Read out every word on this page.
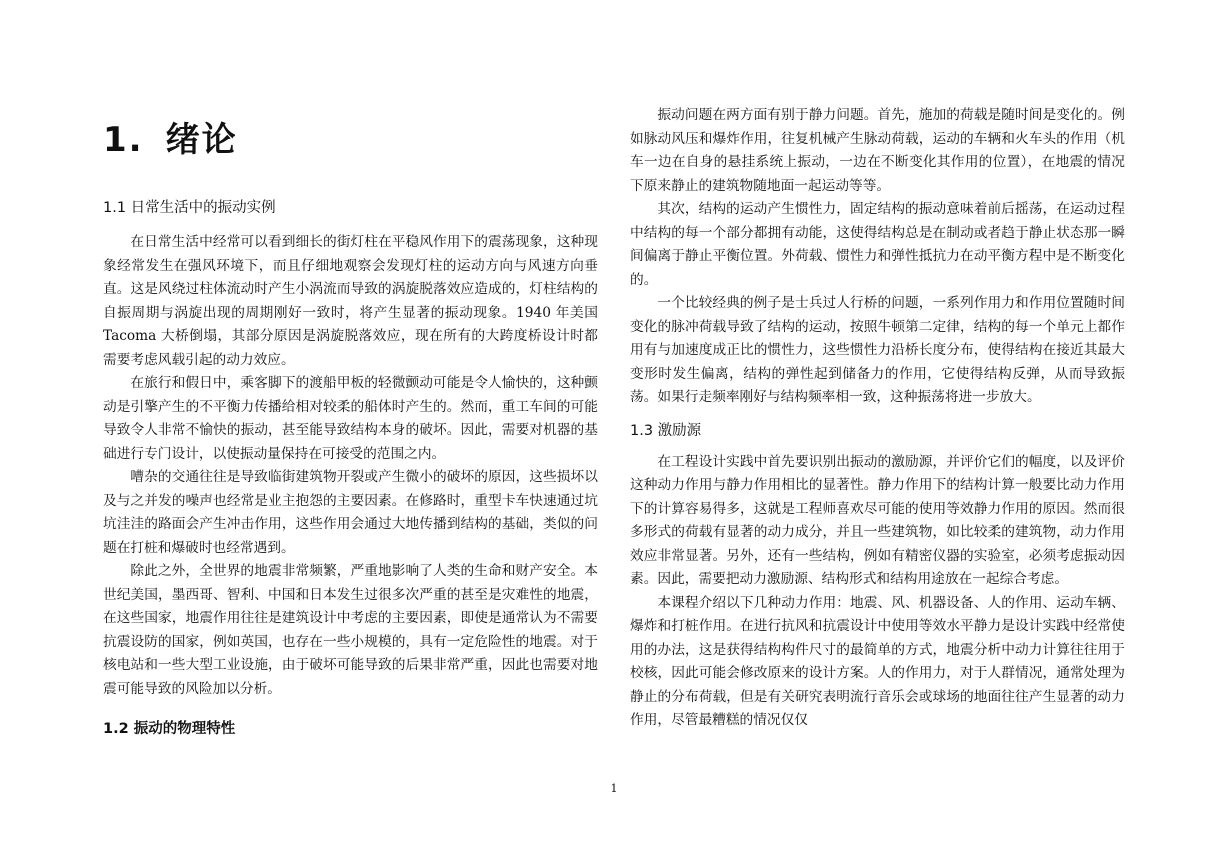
1. 绪论
1.1 日常生活中的振动实例

在日常生活中经常可以看到细长的街灯柱在平稳风作用下的震荡现象，这种现象经常发生在强风环境下，而且仔细地观察会发现灯柱的运动方向与风速方向垂直。这是风绕过柱体流动时产生小涡流而导致的涡旋脱落效应造成的，灯柱结构的自振周期与涡旋出现的周期刚好一致时，将产生显著的振动现象。1940 年美国 Tacoma 大桥倒塌，其部分原因是涡旋脱落效应，现在所有的大跨度桥设计时都需要考虑风载引起的动力效应。

在旅行和假日中，乘客脚下的渡船甲板的轻微颤动可能是令人愉快的，这种颤动是引擎产生的不平衡力传播给相对较柔的船体时产生的。然而，重工车间的可能导致令人非常不愉快的振动，甚至能导致结构本身的破坏。因此，需要对机器的基础进行专门设计，以使振动量保持在可接受的范围之内。

嘈杂的交通往往是导致临街建筑物开裂或产生微小的破坏的原因，这些损坏以及与之并发的噪声也经常是业主抱怨的主要因素。在修路时，重型卡车快速通过坑坑洼洼的路面会产生冲击作用，这些作用会通过大地传播到结构的基础，类似的问题在打桩和爆破时也经常遇到。

除此之外，全世界的地震非常频繁，严重地影响了人类的生命和财产安全。本世纪美国，墨西哥、智利、中国和日本发生过很多次严重的甚至是灾难性的地震，在这些国家，地震作用往往是建筑设计中考虑的主要因素，即使是通常认为不需要抗震设防的国家，例如英国，也存在一些小规模的，具有一定危险性的地震。对于核电站和一些大型工业设施，由于破坏可能导致的后果非常严重，因此也需要对地震可能导致的风险加以分析。

1.2 振动的物理特性

振动问题在两方面有别于静力问题。首先，施加的荷载是随时间是变化的。例如脉动风压和爆炸作用，往复机械产生脉动荷载，运动的车辆和火车头的作用（机车一边在自身的悬挂系统上振动，一边在不断变化其作用的位置），在地震的情况下原来静止的建筑物随地面一起运动等等。

其次，结构的运动产生惯性力，固定结构的振动意味着前后摇荡，在运动过程中结构的每一个部分都拥有动能，这使得结构总是在制动或者趋于静止状态那一瞬间偏离于静止平衡位置。外荷载、惯性力和弹性抵抗力在动平衡方程中是不断变化的。

一个比较经典的例子是士兵过人行桥的问题，一系列作用力和作用位置随时间变化的脉冲荷载导致了结构的运动，按照牛顿第二定律，结构的每一个单元上都作用有与加速度成正比的惯性力，这些惯性力沿桥长度分布，使得结构在接近其最大变形时发生偏离，结构的弹性起到储备力的作用，它使得结构反弹，从而导致振荡。如果行走频率刚好与结构频率相一致，这种振荡将进一步放大。

1.3 激励源

在工程设计实践中首先要识别出振动的激励源，并评价它们的幅度，以及评价这种动力作用与静力作用相比的显著性。静力作用下的结构计算一般要比动力作用下的计算容易得多，这就是工程师喜欢尽可能的使用等效静力作用的原因。然而很多形式的荷载有显著的动力成分，并且一些建筑物，如比较柔的建筑物，动力作用效应非常显著。另外，还有一些结构，例如有精密仪器的实验室，必须考虑振动因素。因此，需要把动力激励源、结构形式和结构用途放在一起综合考虑。

本课程介绍以下几种动力作用：地震、风、机器设备、人的作用、运动车辆、爆炸和打桩作用。在进行抗风和抗震设计中使用等效水平静力是设计实践中经常使用的办法，这是获得结构构件尺寸的最简单的方式，地震分析中动力计算往往用于校核，因此可能会修改原来的设计方案。人的作用力，对于人群情况，通常处理为静止的分布荷载，但是有关研究表明流行音乐会或球场的地面往往产生显著的动力作用，尽管最糟糕的情况仅仅

1
